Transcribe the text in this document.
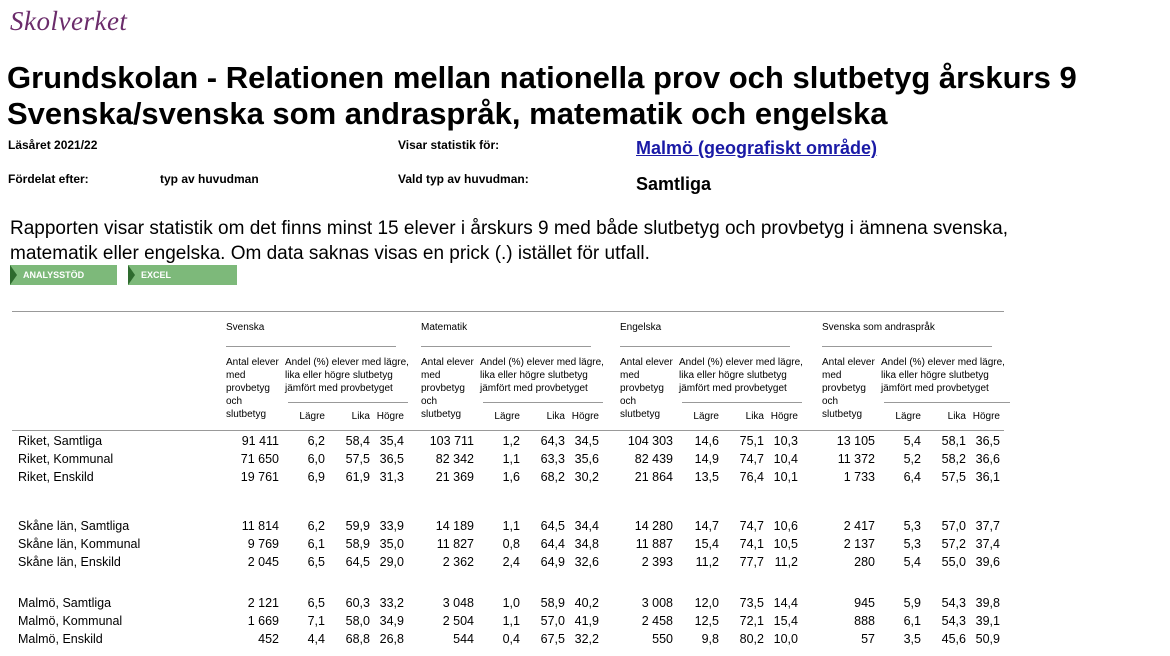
Skolverket
Grundskolan - Relationen mellan nationella prov och slutbetyg årskurs 9
Svenska/svenska som andraspråk, matematik och engelska
Läsåret 2021/22	Visar statistik för:	Malmö (geografiskt område)
Fördelat efter:	typ av huvudman	Vald typ av huvudman:	Samtliga
Rapporten visar statistik om det finns minst 15 elever i årskurs 9 med både slutbetyg och provbetyg i ämnena svenska, matematik eller engelska. Om data saknas visas en prick (.) istället för utfall.
ANALYSSTÖD	EXCEL
Svenska
Antal elever med provbetyg och slutbetyg
Andel (%) elever med lägre, lika eller högre slutbetyg jämfört med provbetyget
Lägre	Lika Högre
Matematik
Antal elever med provbetyg och slutbetyg
Andel (%) elever med lägre, lika eller högre slutbetyg jämfört med provbetyget
Lägre	Lika Högre
Engelska
Antal elever med provbetyg och slutbetyg
Andel (%) elever med lägre, lika eller högre slutbetyg jämfört med provbetyget
Lägre	Lika Högre
Svenska som andraspråk
Antal elever med provbetyg och slutbetyg
Andel (%) elever med lägre, lika eller högre slutbetyg jämfört med provbetyget
Lägre	Lika Högre
Riket, Samtliga	91 411	6,2	58,4 35,4	103 711	1,2	64,3 34,5	104 303	14,6	75,1 10,3	13 105	5,4	58,1 36,5
Riket, Kommunal	71 650	6,0	57,5 36,5	82 342	1,1	63,3 35,6	82 439	14,9	74,7 10,4	11 372	5,2	58,2 36,6
Riket, Enskild	19 761	6,9	61,9 31,3	21 369	1,6	68,2 30,2	21 864	13,5	76,4 10,1	1 733	6,4	57,5 36,1
Skåne län, Samtliga	11 814	6,2	59,9 33,9	14 189	1,1	64,5 34,4	14 280	14,7	74,7 10,6	2 417	5,3	57,0 37,7
Skåne län, Kommunal	9 769	6,1	58,9 35,0	11 827	0,8	64,4 34,8	11 887	15,4	74,1 10,5	2 137	5,3	57,2 37,4
Skåne län, Enskild	2 045	6,5	64,5 29,0	2 362	2,4	64,9 32,6	2 393	11,2	77,7 11,2	280	5,4	55,0 39,6
Malmö, Samtliga	2 121	6,5	60,3 33,2	3 048	1,0	58,9 40,2	3 008	12,0	73,5 14,4	945	5,9	54,3 39,8
Malmö, Kommunal	1 669	7,1	58,0 34,9	2 504	1,1	57,0 41,9	2 458	12,5	72,1 15,4	888	6,1	54,3 39,1
Malmö, Enskild	452	4,4	68,8 26,8	544	0,4	67,5 32,2	550	9,8	80,2 10,0	57	3,5	45,6 50,9
